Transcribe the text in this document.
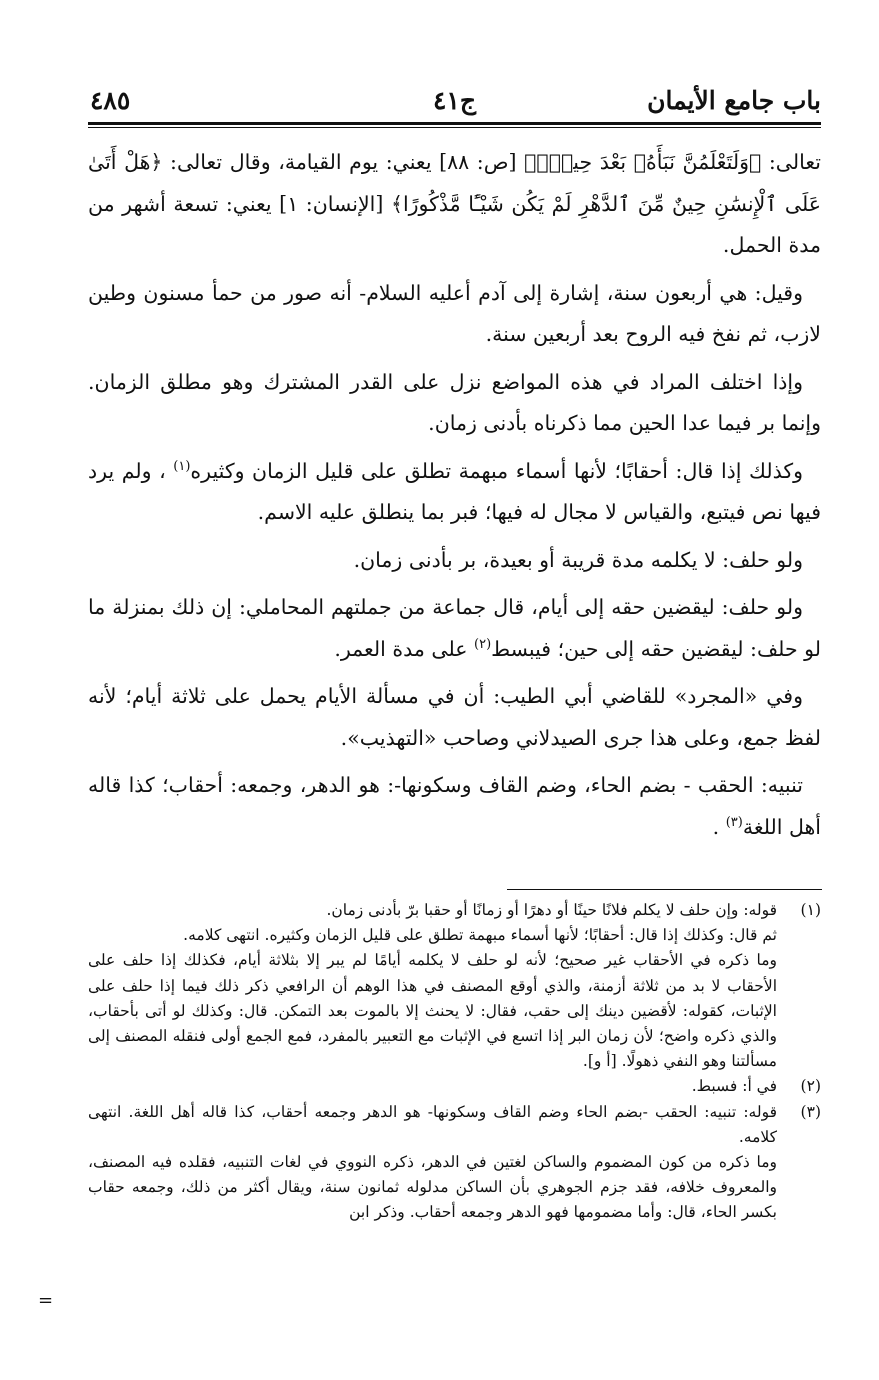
باب جامع الأيمان
ج٤١
٤٨٥

تعالى: ﴿وَلَتَعْلَمُنَّ نَبَأَهُۥ بَعْدَ حِينٍۭ﴾ [ص: ٨٨] يعني: يوم القيامة، وقال تعالى: ﴿هَلْ أَتَىٰ عَلَى ٱلْإِنسَٰنِ حِينٌ مِّنَ ٱلدَّهْرِ لَمْ يَكُن شَيْـًٔا مَّذْكُورًا﴾ [الإنسان: ١] يعني: تسعة أشهر من مدة الحمل.

وقيل: هي أربعون سنة، إشارة إلى آدم أعليه السلام- أنه صور من حمأ مسنون وطين لازب، ثم نفخ فيه الروح بعد أربعين سنة.

وإذا اختلف المراد في هذه المواضع نزل على القدر المشترك وهو مطلق الزمان. وإنما بر فيما عدا الحين مما ذكرناه بأدنى زمان.

وكذلك إذا قال: أحقابًا؛ لأنها أسماء مبهمة تطلق على قليل الزمان وكثيره$^{(١)}$ ، ولم يرد فيها نص فيتبع، والقياس لا مجال له فيها؛ فبر بما ينطلق عليه الاسم.

ولو حلف: لا يكلمه مدة قريبة أو بعيدة، بر بأدنى زمان.

ولو حلف: ليقضين حقه إلى أيام، قال جماعة من جملتهم المحاملي: إن ذلك بمنزلة ما لو حلف: ليقضين حقه إلى حين؛ فيبسط$^{(٢)}$ على مدة العمر.

وفي «المجرد» للقاضي أبي الطيب: أن في مسألة الأيام يحمل على ثلاثة أيام؛ لأنه لفظ جمع، وعلى هذا جرى الصيدلاني وصاحب «التهذيب».

تنبيه: الحقب - بضم الحاء، وضم القاف وسكونها-: هو الدهر، وجمعه: أحقاب؛ كذا قاله أهل اللغة$^{(٣)}$ .

(١)

قوله: وإن حلف لا يكلم فلانًا حينًا أو دهرًا أو زمانًا أو حقبا برّ بأدنى زمان.

ثم قال: وكذلك إذا قال: أحقابًا؛ لأنها أسماء مبهمة تطلق على قليل الزمان وكثيره. انتهى كلامه.

وما ذكره في الأحقاب غير صحيح؛ لأنه لو حلف لا يكلمه أيامًا لم يبر إلا بثلاثة أيام، فكذلك إذا حلف على الأحقاب لا بد من ثلاثة أزمنة، والذي أوقع المصنف في هذا الوهم أن الرافعي ذكر ذلك فيما إذا حلف على الإثبات، كقوله: لأقضين دينك إلى حقب، فقال: لا يحنث إلا بالموت بعد التمكن. قال: وكذلك لو أتى بأحقاب، والذي ذكره واضح؛ لأن زمان البر إذا اتسع في الإثبات مع التعبير بالمفرد، فمع الجمع أولى فنقله المصنف إلى مسألتنا وهو النفي ذهولًا. [أ و].

(٢)

في أ: فسبط.

(٣)

قوله: تنبيه: الحقب -بضم الحاء وضم القاف وسكونها- هو الدهر وجمعه أحقاب، كذا قاله أهل اللغة. انتهى كلامه.

وما ذكره من كون المضموم والساكن لغتين في الدهر، ذكره النووي في لغات التنبيه، فقلده فيه المصنف، والمعروف خلافه، فقد جزم الجوهري بأن الساكن مدلوله ثمانون سنة، ويقال أكثر من ذلك، وجمعه حقاب بكسر الحاء، قال: وأما مضمومها فهو الدهر وجمعه أحقاب. وذكر ابن

=
